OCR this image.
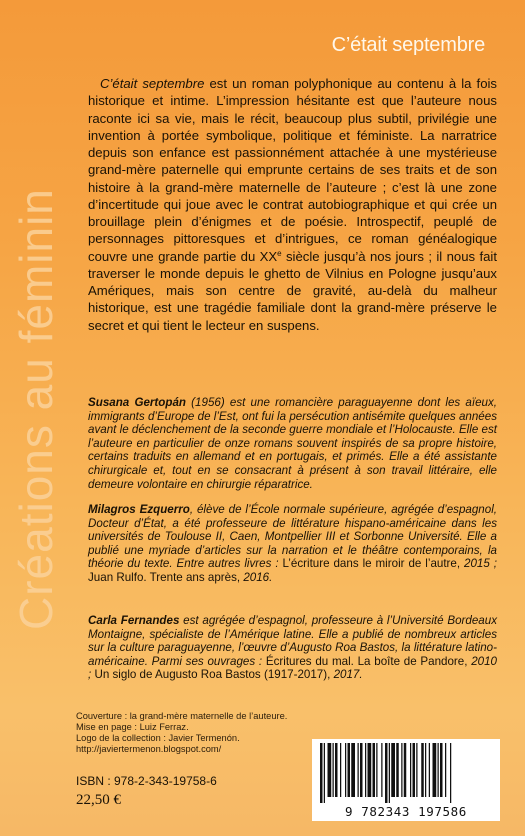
Créations au féminin
C’était septembre

C’était septembre est un roman polyphonique au contenu à la fois historique et intime. L’impression hésitante est que l’auteure nous raconte ici sa vie, mais le récit, beaucoup plus subtil, privilégie une invention à portée symbolique, politique et féministe. La narratrice depuis son enfance est passionnément attachée à une mystérieuse grand-mère paternelle qui emprunte certains de ses traits et de son histoire à la grand-mère maternelle de l’auteure ; c’est là une zone d’incertitude qui joue avec le contrat autobiographique et qui crée un brouillage plein d’énigmes et de poésie. Introspectif, peuplé de personnages pittoresques et d’intrigues, ce roman généalogique couvre une grande partie du XXe siècle jusqu’à nos jours ; il nous fait traverser le monde depuis le ghetto de Vilnius en Pologne jusqu’aux Amériques, mais son centre de gravité, au-delà du malheur historique, est une tragédie familiale dont la grand-mère préserve le secret et qui tient le lecteur en suspens.

Susana Gertopán (1956) est une romancière paraguayenne dont les aïeux, immigrants d’Europe de l’Est, ont fui la persécution antisémite quelques années avant le déclenchement de la seconde guerre mondiale et l’Holocauste. Elle est l’auteure en particulier de onze romans souvent inspirés de sa propre histoire, certains traduits en allemand et en portugais, et primés. Elle a été assistante chirurgicale et, tout en se consacrant à présent à son travail littéraire, elle demeure volontaire en chirurgie réparatrice.

Milagros Ezquerro, élève de l’École normale supérieure, agrégée d’espagnol, Docteur d’État, a été professeure de littérature hispano-américaine dans les universités de Toulouse II, Caen, Montpellier III et Sorbonne Université. Elle a publié une myriade d’articles sur la narration et le théâtre contemporains, la théorie du texte. Entre autres livres : L’écriture dans le miroir de l’autre, 2015 ; Juan Rulfo. Trente ans après, 2016.

Carla Fernandes est agrégée d’espagnol, professeure à l’Université Bordeaux Montaigne, spécialiste de l’Amérique latine. Elle a publié de nombreux articles sur la culture paraguayenne, l’œuvre d’Augusto Roa Bastos, la littérature latino-américaine. Parmi ses ouvrages : Écritures du mal. La boîte de Pandore, 2010 ; Un siglo de Augusto Roa Bastos (1917-2017), 2017.

Couverture : la grand-mère maternelle de l’auteure.
Mise en page : Luiz Ferraz.
Logo de la collection : Javier Termenón.
http://javiertermenon.blogspot.com/
ISBN : 978-2-343-19758-6
22,50 €
9 782343 197586
